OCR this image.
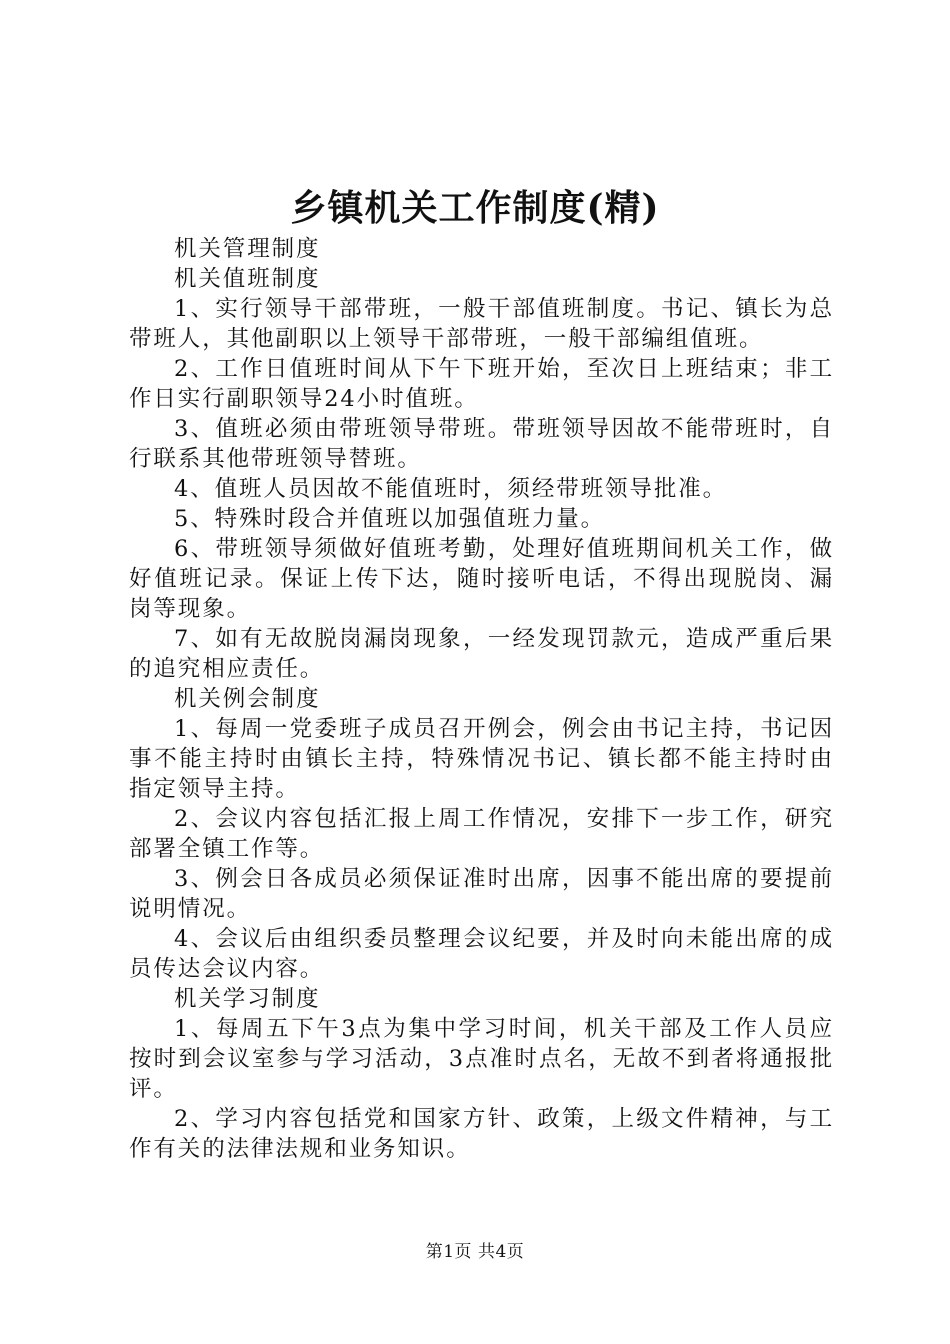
乡镇机关工作制度(精)

机关管理制度

机关值班制度

1、实行领导干部带班，一般干部值班制度。书记、镇长为总带班人，其他副职以上领导干部带班，一般干部编组值班。

2、工作日值班时间从下午下班开始，至次日上班结束；非工作日实行副职领导24小时值班。

3、值班必须由带班领导带班。带班领导因故不能带班时，自行联系其他带班领导替班。

4、值班人员因故不能值班时，须经带班领导批准。

5、特殊时段合并值班以加强值班力量。

6、带班领导须做好值班考勤，处理好值班期间机关工作，做好值班记录。保证上传下达，随时接听电话，不得出现脱岗、漏岗等现象。

7、如有无故脱岗漏岗现象，一经发现罚款元，造成严重后果的追究相应责任。

机关例会制度

1、每周一党委班子成员召开例会，例会由书记主持，书记因事不能主持时由镇长主持，特殊情况书记、镇长都不能主持时由指定领导主持。

2、会议内容包括汇报上周工作情况，安排下一步工作，研究部署全镇工作等。

3、例会日各成员必须保证准时出席，因事不能出席的要提前说明情况。

4、会议后由组织委员整理会议纪要，并及时向未能出席的成员传达会议内容。

机关学习制度

1、每周五下午3点为集中学习时间，机关干部及工作人员应按时到会议室参与学习活动，3点准时点名，无故不到者将通报批评。

2、学习内容包括党和国家方针、政策，上级文件精神，与工作有关的法律法规和业务知识。

第1页 共4页
